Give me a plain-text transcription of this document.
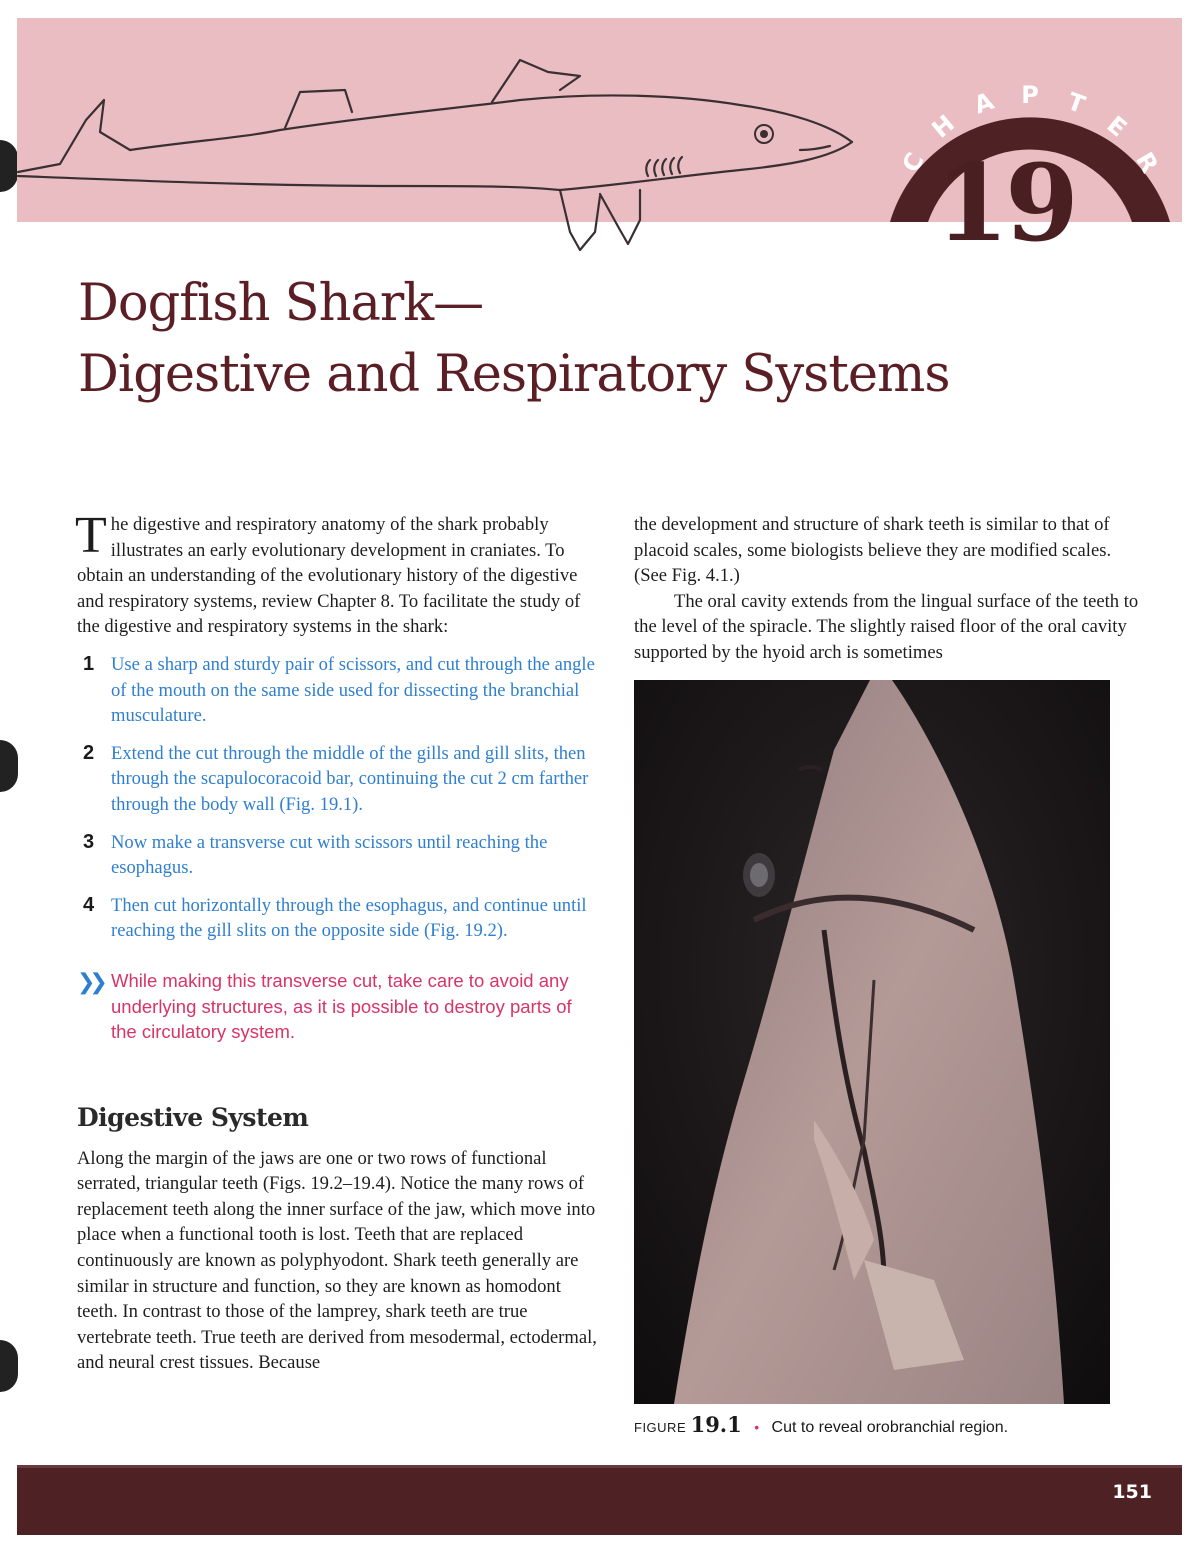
C
H
A P T
E
R
19
Dogfish Shark—
Digestive and Respiratory Systems

The digestive and respiratory anatomy of the shark probably illustrates an early evolutionary development in craniates. To obtain an understanding of the evolutionary history of the digestive and respiratory systems, review Chapter 8. To facilitate the study of the digestive and respiratory systems in the shark:

1 Use a sharp and sturdy pair of scissors, and cut through the angle of the mouth on the same side used for dissecting the branchial musculature.
2 Extend the cut through the middle of the gills and gill slits, then through the scapulocoracoid bar, continuing the cut 2 cm farther through the body wall (Fig. 19.1).
3 Now make a transverse cut with scissors until reaching the esophagus.
4 Then cut horizontally through the esophagus, and continue until reaching the gill slits on the opposite side (Fig. 19.2).
❯❯ While making this transverse cut, take care to avoid any underlying structures, as it is possible to destroy parts of the circulatory system.
Digestive System

Along the margin of the jaws are one or two rows of functional serrated, triangular teeth (Figs. 19.2–19.4). Notice the many rows of replacement teeth along the inner surface of the jaw, which move into place when a functional tooth is lost. Teeth that are replaced continuously are known as polyphyodont. Shark teeth generally are similar in structure and function, so they are known as homodont teeth. In contrast to those of the lamprey, shark teeth are true vertebrate teeth. True teeth are derived from mesodermal, ectodermal, and neural crest tissues. Because

the development and structure of shark teeth is similar to that of placoid scales, some biologists believe they are modified scales. (See Fig. 4.1.)

The oral cavity extends from the lingual surface of the teeth to the level of the spiracle. The slightly raised floor of the oral cavity supported by the hyoid arch is sometimes

FIGURE 19.1 • Cut to reveal orobranchial region.
151
